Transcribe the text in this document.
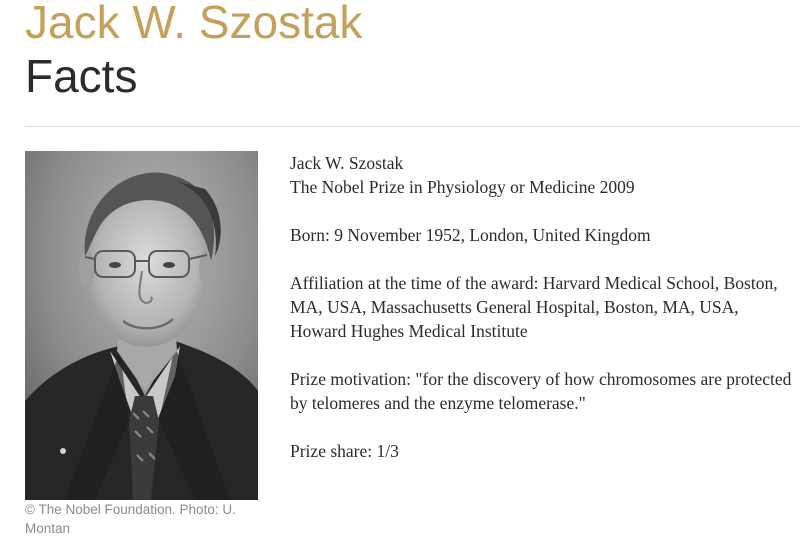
Jack W. Szostak
Facts
© The Nobel Foundation. Photo: U. Montan

Jack W. Szostak
The Nobel Prize in Physiology or Medicine 2009

Born: 9 November 1952, London, United Kingdom

Affiliation at the time of the award: Harvard Medical School, Boston, MA, USA, Massachusetts General Hospital, Boston, MA, USA, Howard Hughes Medical Institute

Prize motivation: "for the discovery of how chromosomes are protected by telomeres and the enzyme telomerase."

Prize share: 1/3
